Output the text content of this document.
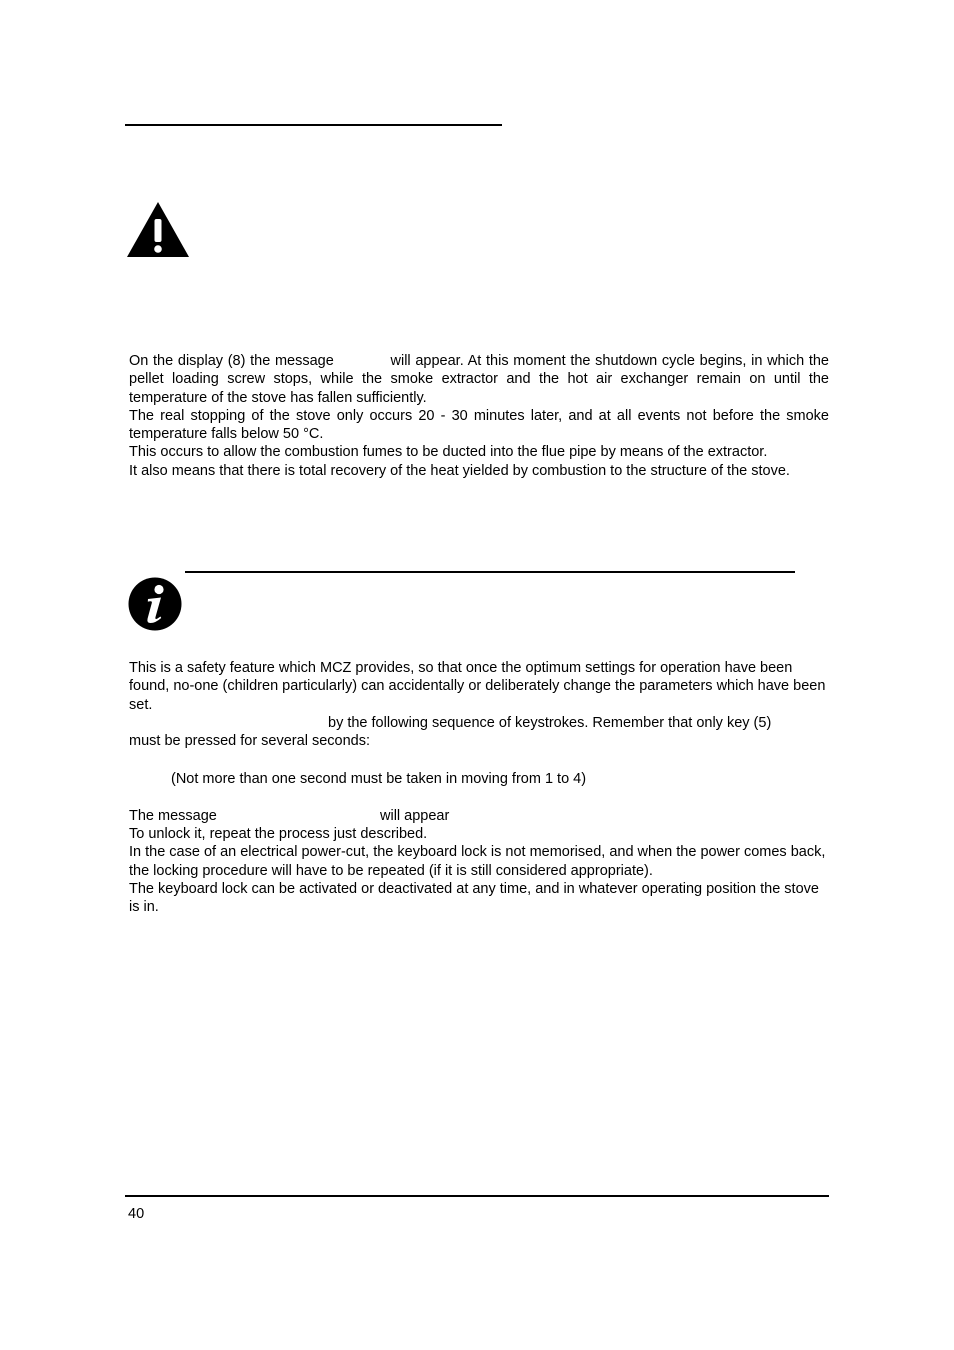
On the display (8) the message	will appear. At this moment the shutdown cycle begins, in which the pellet loading screw stops, while the smoke extractor and the hot air exchanger remain on until the temperature of the stove has fallen sufficiently.

The real stopping of the stove only occurs 20 - 30 minutes later, and at all events not before the smoke temperature falls below 50 °C.

This occurs to allow the combustion fumes to be ducted into the flue pipe by means of the extractor.

It also means that there is total recovery of the heat yielded by combustion to the structure of the stove.

This is a safety feature which MCZ provides, so that once the optimum settings for operation have been found, no-one (children particularly) can accidentally or deliberately change the parameters which have been set.

by the following sequence of keystrokes. Remember that only key (5)
must be pressed for several seconds:
(Not more than one second must be taken in moving from 1 to 4)
The message	will appear

To unlock it, repeat the process just described.

In the case of an electrical power-cut, the keyboard lock is not memorised, and when the power comes back, the locking procedure will have to be repeated (if it is still considered appropriate).

The keyboard lock can be activated or deactivated at any time, and in whatever operating position the stove is in.

40
